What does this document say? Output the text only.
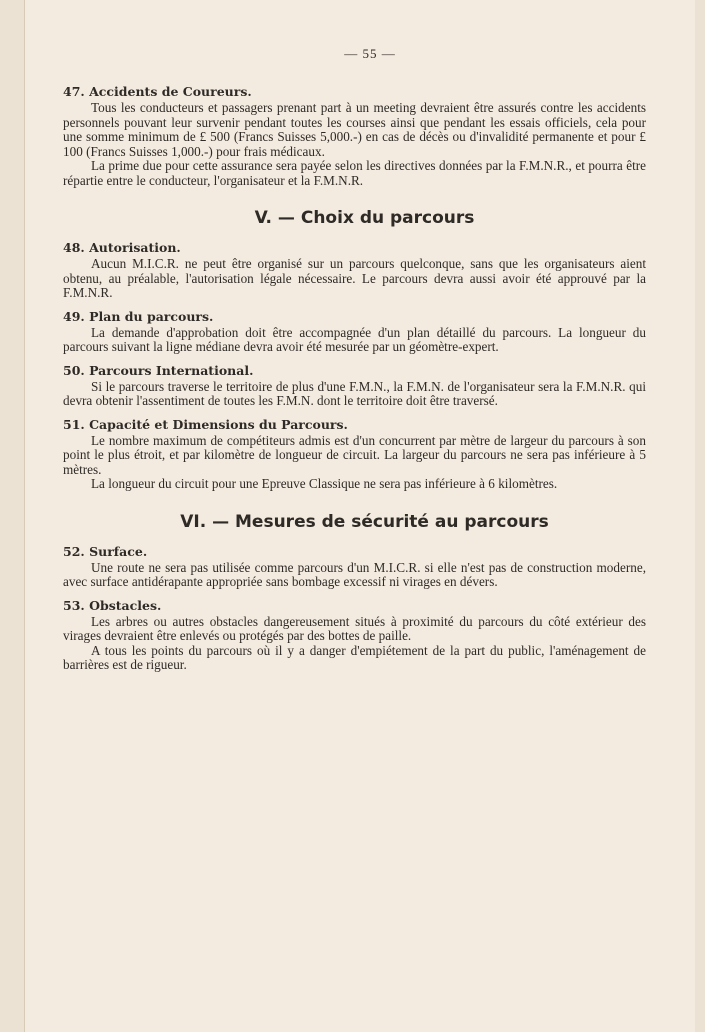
— 55 —
47. Accidents de Coureurs.

Tous les conducteurs et passagers prenant part à un meeting devraient être assurés contre les accidents personnels pouvant leur survenir pendant toutes les courses ainsi que pendant les essais officiels, cela pour une somme minimum de £ 500 (Francs Suisses 5,000.-) en cas de décès ou d'invalidité permanente et pour £ 100 (Francs Suisses 1,000.-) pour frais médicaux.

La prime due pour cette assurance sera payée selon les directives données par la F.M.N.R., et pourra être répartie entre le conducteur, l'organisateur et la F.M.N.R.

V. — Choix du parcours
48. Autorisation.

Aucun M.I.C.R. ne peut être organisé sur un parcours quelconque, sans que les organisateurs aient obtenu, au préalable, l'autorisation légale nécessaire. Le parcours devra aussi avoir été approuvé par la F.M.N.R.

49. Plan du parcours.

La demande d'approbation doit être accompagnée d'un plan détaillé du parcours. La longueur du parcours suivant la ligne médiane devra avoir été mesurée par un géomètre-expert.

50. Parcours International.

Si le parcours traverse le territoire de plus d'une F.M.N., la F.M.N. de l'organisateur sera la F.M.N.R. qui devra obtenir l'assentiment de toutes les F.M.N. dont le territoire doit être traversé.

51. Capacité et Dimensions du Parcours.

Le nombre maximum de compétiteurs admis est d'un concurrent par mètre de largeur du parcours à son point le plus étroit, et par kilomètre de longueur de circuit. La largeur du parcours ne sera pas inférieure à 5 mètres.

La longueur du circuit pour une Epreuve Classique ne sera pas inférieure à 6 kilomètres.

VI. — Mesures de sécurité au parcours
52. Surface.

Une route ne sera pas utilisée comme parcours d'un M.I.C.R. si elle n'est pas de construction moderne, avec surface antidérapante appropriée sans bombage excessif ni virages en dévers.

53. Obstacles.

Les arbres ou autres obstacles dangereusement situés à proximité du parcours du côté extérieur des virages devraient être enlevés ou protégés par des bottes de paille.

A tous les points du parcours où il y a danger d'empiétement de la part du public, l'aménagement de barrières est de rigueur.
